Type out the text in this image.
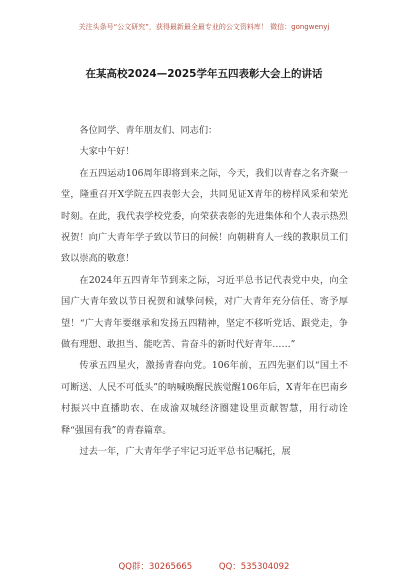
关注头条号“公文研究”，获得最新最全最专业的公文资料库！ 微信：gongwenyj
在某高校2024—2025学年五四表彰大会上的讲话

各位同学、青年朋友们、同志们：

大家中午好！

在五四运动106周年即将到来之际，今天，我们以青春之名齐聚一堂，隆重召开X学院五四表彰大会，共同见证X青年的榜样风采和荣光时刻。在此，我代表学校党委，向荣获表彰的先进集体和个人表示热烈祝贺！向广大青年学子致以节日的问候！向朝耕育人一线的教职员工们致以崇高的敬意！

在2024年五四青年节到来之际，习近平总书记代表党中央，向全国广大青年致以节日祝贺和诚挚问候，对广大青年充分信任、寄予厚望！“广大青年要继承和发扬五四精神，坚定不移听党话、跟党走，争做有理想、敢担当、能吃苦、肯奋斗的新时代好青年……”

传承五四星火，激扬青春向党。106年前，五四先驱们以“国土不可断送、人民不可低头”的呐喊唤醒民族觉醒106年后，X青年在巴南乡村振兴中直播助农、在成渝双城经济圈建设里贡献智慧，用行动诠释“强国有我”的青春篇章。

过去一年，广大青年学子牢记习近平总书记嘱托，展

QQ群：30265665	QQ：535304092
